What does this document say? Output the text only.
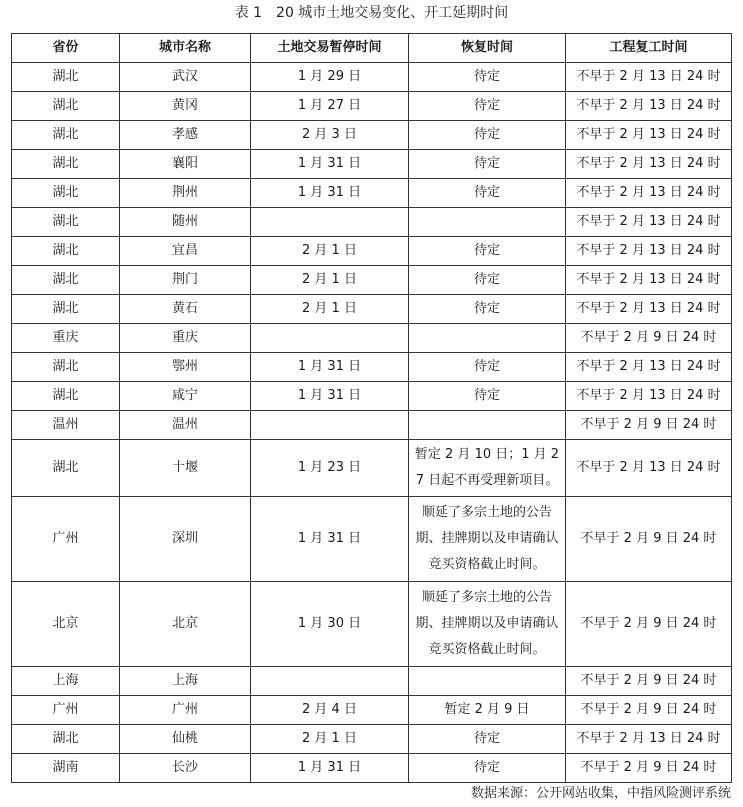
表 1　20 城市土地交易变化、开工延期时间
省份	城市名称	土地交易暂停时间	恢复时间	工程复工时间
湖北	武汉	1 月 29 日	待定	不早于 2 月 13 日 24 时
湖北	黄冈	1 月 27 日	待定	不早于 2 月 13 日 24 时
湖北	孝感	2 月 3 日	待定	不早于 2 月 13 日 24 时
湖北	襄阳	1 月 31 日	待定	不早于 2 月 13 日 24 时
湖北	荆州	1 月 31 日	待定	不早于 2 月 13 日 24 时
湖北	随州			不早于 2 月 13 日 24 时
湖北	宜昌	2 月 1 日	待定	不早于 2 月 13 日 24 时
湖北	荆门	2 月 1 日	待定	不早于 2 月 13 日 24 时
湖北	黄石	2 月 1 日	待定	不早于 2 月 13 日 24 时
重庆	重庆			不早于 2 月 9 日 24 时
湖北	鄂州	1 月 31 日	待定	不早于 2 月 13 日 24 时
湖北	咸宁	1 月 31 日	待定	不早于 2 月 13 日 24 时
温州	温州			不早于 2 月 9 日 24 时
湖北	十堰	1 月 23 日	暂定 2 月 10 日；1 月 27 日起不再受理新项目。	不早于 2 月 13 日 24 时
广州	深圳	1 月 31 日	顺延了多宗土地的公告期、挂牌期以及申请确认竞买资格截止时间。	不早于 2 月 9 日 24 时
北京	北京	1 月 30 日	顺延了多宗土地的公告期、挂牌期以及申请确认竞买资格截止时间。	不早于 2 月 9 日 24 时
上海	上海			不早于 2 月 9 日 24 时
广州	广州	2 月 4 日	暂定 2 月 9 日	不早于 2 月 9 日 24 时
湖北	仙桃	2 月 1 日	待定	不早于 2 月 13 日 24 时
湖南	长沙	1 月 31 日	待定	不早于 2 月 9 日 24 时
数据来源：公开网站收集，中指风险测评系统
